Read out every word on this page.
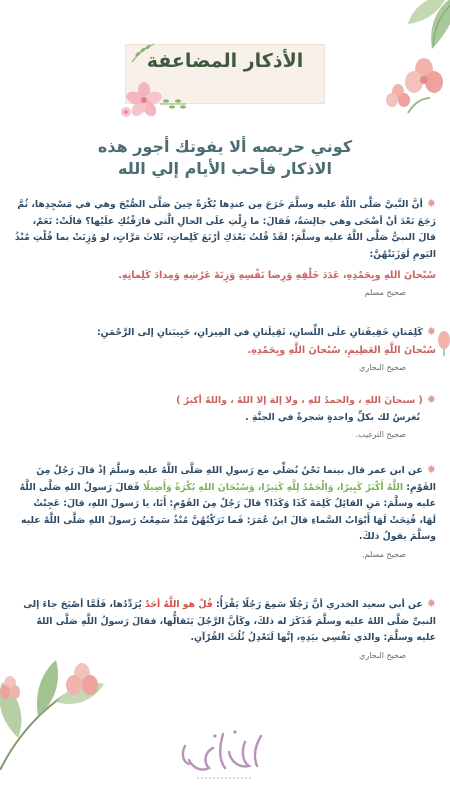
الأذكار المضاعفة
كوني حريصه ألا يفوتك أجور هذه
الاذكار فأحب الأيام إلي الله
✸أنَّ النَّبيَّ صَلَّى اللَّهُ عليه وسلَّمَ خَرَجَ مِن عندِها بُكْرَةً حِينَ صَلَّى الصُّبْحَ وهي في مَسْجِدِها، ثُمَّ رَجَعَ بَعْدَ أنْ أضْحَى وهي جالِسَةٌ، فَقالَ: ما زِلْتِ علَى الحالِ الَّتي فارَقْتُكِ علَيْها؟ قالَتْ: نَعَمْ، قالَ النبيُّ صَلَّى اللَّهُ عليه وسلَّمَ: لقَدْ قُلتُ بَعْدَكِ أرْبَعَ كَلِماتٍ، ثَلاثَ مَرَّاتٍ، لو وُزِنَتْ بما قُلْتِ مُنْذُ اليَومِ لَوَزَنَتْهُنَّ:
سُبْحانَ اللهِ وبِحَمْدِهِ، عَدَدَ خَلْقِهِ وَرِضا نَفْسِهِ وَزِنَةَ عَرْشِهِ وَمِدادَ كَلِماتِهِ.
صحيح مسلم
✸كَلِمَتانِ خَفِيفَتانِ علَى اللِّسانِ، ثَقِيلَتانِ في المِيزانِ، حَبِيبَتانِ إلى الرَّحْمَنِ:
سُبْحانَ اللَّهِ العَظِيمِ، سُبْحانَ اللَّهِ وبِحَمْدِهِ.
صحيح البخاري
✸( سبحانَ اللهِ ، والحمدُ للهِ ، ولا إلهَ إلا اللهُ ، واللهُ أكبرُ )
تُغرسُ لك بكلِّ واحدةٍ شجرةٌ في الجنَّةِ .
صحيح الترغيب.
✸عن ابن عمر قال بينما نَحْنُ نُصَلِّي مع رَسولِ اللهِ صَلَّى اللَّهُ عليه وسلَّمَ إذْ قالَ رَجُلٌ مِنَ القَوْمِ: اللَّهُ أَكْبَرُ كَبِيرًا، وَالْحَمْدُ لِلَّهِ كَثِيرًا، وَسُبْحَانَ اللهِ بُكْرَةً وَأَصِيلًا فَقالَ رَسولُ اللهِ صَلَّى اللَّهُ عليه وسلَّمَ: مَنِ القائِلُ كَلِمَةَ كَذَا وَكَذَا؟ قالَ رَجُلٌ مِنَ القَوْمِ: أَنَا، يا رَسولَ اللهِ، قالَ: عَجِبْتُ لَهَا، فُتِحَتْ لَهَا أَبْوَابُ السَّماءِ قالَ ابنُ عُمَرَ: فَما تَرَكْتُهُنَّ مُنْذُ سَمِعْتُ رَسولَ اللهِ صَلَّى اللَّهُ عليه وسلَّمَ يقولُ ذلكَ.
صحيح مسلم.
✸عن أبي سعيد الخدري أنَّ رَجُلًا سَمِعَ رَجُلًا يَقْرَأُ: قُلْ هو اللَّهُ أحَدٌ يُرَدِّدُها، فَلَمَّا أصْبَحَ جاءَ إلى النبيِّ صَلَّى اللهُ عليه وسلَّمَ فَذَكَرَ له ذلكَ، وكَأنَّ الرَّجُلَ يَتَقالُّها، فقالَ رَسولُ اللَّهِ صَلَّى اللهُ عليه وسلَّمَ: والذي نَفْسِي بيَدِهِ، إنَّها لَتَعْدِلُ ثُلُثَ القُرْآنِ.
صحيح البخاري
